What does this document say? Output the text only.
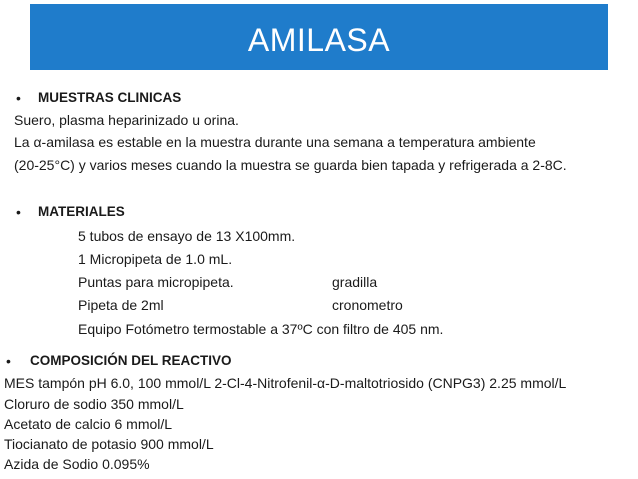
AMILASA
• MUESTRAS CLINICAS
Suero, plasma heparinizado u orina.
La α-amilasa es estable en la muestra durante una semana a temperatura ambiente
(20-25°C) y varios meses cuando la muestra se guarda bien tapada y refrigerada a 2-8C.
• MATERIALES
5 tubos de ensayo de 13 X100mm.
1 Micropipeta de 1.0 mL.
Puntas para micropipeta.	gradilla
Pipeta de 2ml	cronometro
Equipo Fotómetro termostable a 37ºC con filtro de 405 nm.
• COMPOSICIÓN DEL REACTIVO
MES tampón pH 6.0, 100 mmol/L 2-Cl-4-Nitrofenil-α-D-maltotriosido (CNPG3) 2.25 mmol/L
Cloruro de sodio 350 mmol/L
Acetato de calcio 6 mmol/L
Tiocianato de potasio 900 mmol/L
Azida de Sodio 0.095%
